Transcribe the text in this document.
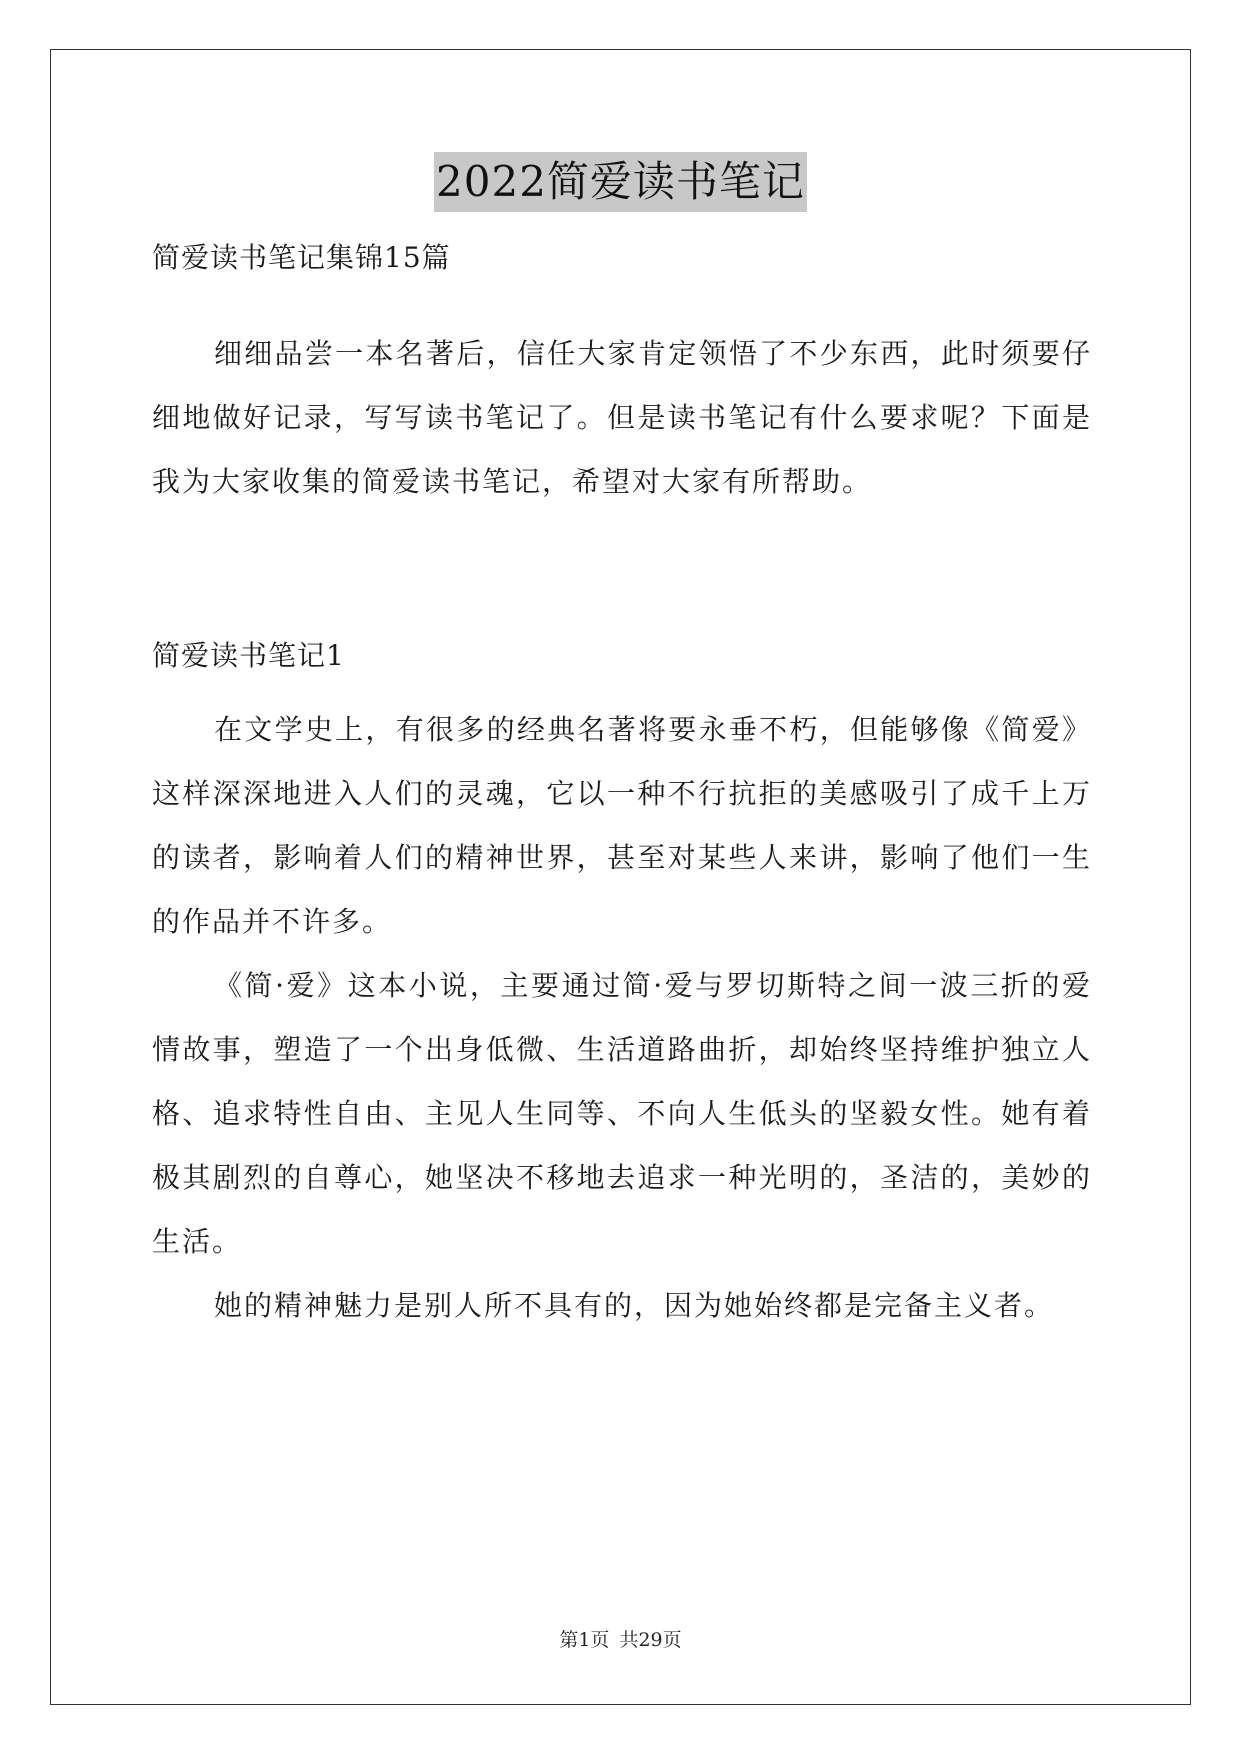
2022简爱读书笔记

简爱读书笔记集锦15篇

细细品尝一本名著后，信任大家肯定领悟了不少东西，此时须要仔细地做好记录，写写读书笔记了。但是读书笔记有什么要求呢？下面是我为大家收集的简爱读书笔记，希望对大家有所帮助。

简爱读书笔记1

在文学史上，有很多的经典名著将要永垂不朽，但能够像《简爱》这样深深地进入人们的灵魂，它以一种不行抗拒的美感吸引了成千上万的读者，影响着人们的精神世界，甚至对某些人来讲，影响了他们一生的作品并不许多。

《简·爱》这本小说，主要通过简·爱与罗切斯特之间一波三折的爱情故事，塑造了一个出身低微、生活道路曲折，却始终坚持维护独立人格、追求特性自由、主见人生同等、不向人生低头的坚毅女性。她有着极其剧烈的自尊心，她坚决不移地去追求一种光明的，圣洁的，美妙的生活。

她的精神魅力是别人所不具有的，因为她始终都是完备主义者。

第1页 共29页
